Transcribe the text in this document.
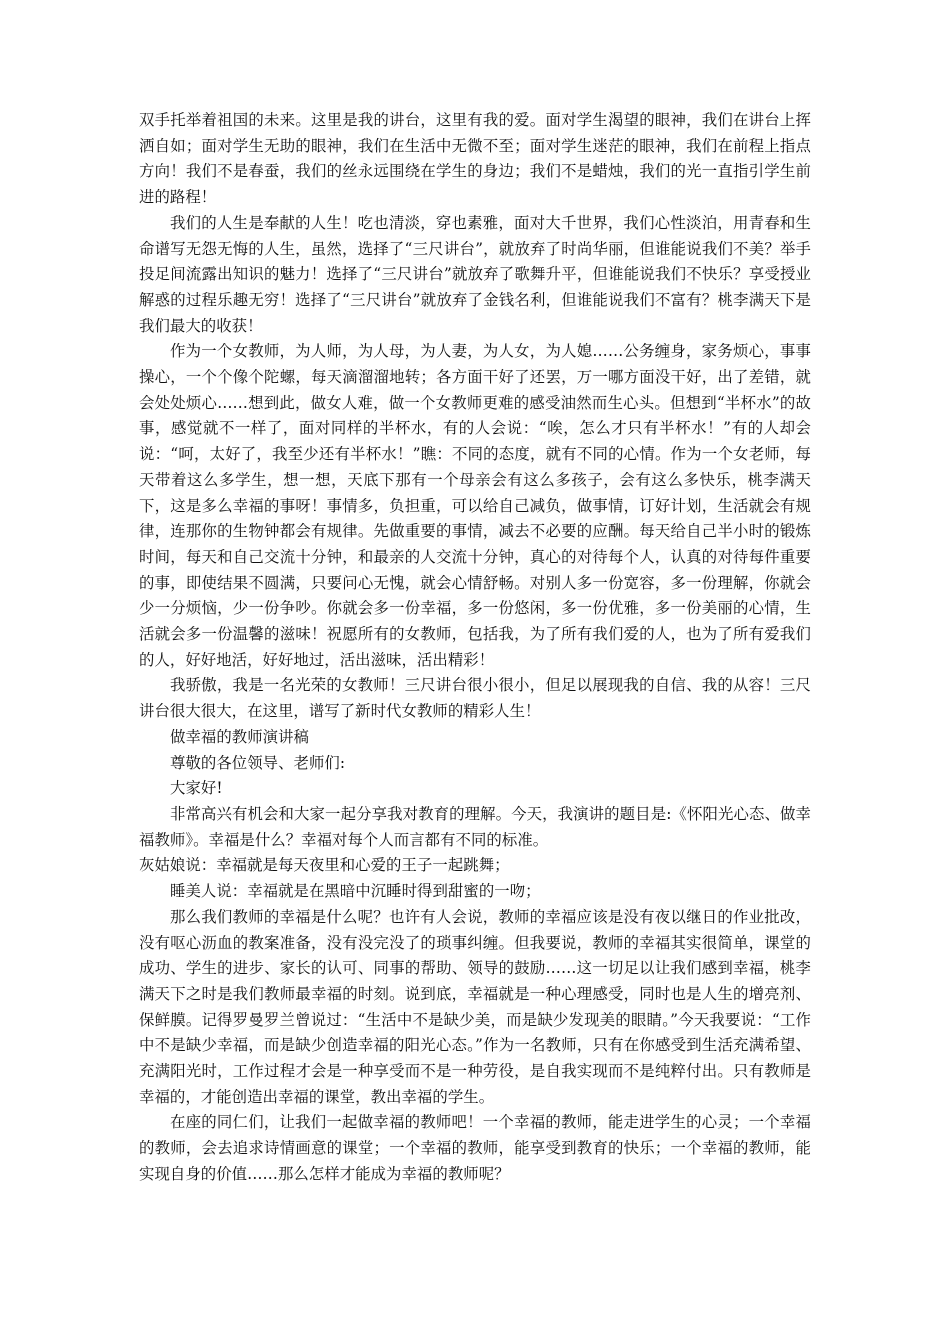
双手托举着祖国的未来。这里是我的讲台，这里有我的爱。面对学生渴望的眼神，我们在讲台上挥洒自如；面对学生无助的眼神，我们在生活中无微不至；面对学生迷茫的眼神，我们在前程上指点方向！我们不是春蚕，我们的丝永远围绕在学生的身边；我们不是蜡烛，我们的光一直指引学生前进的路程！

我们的人生是奉献的人生！吃也清淡，穿也素雅，面对大千世界，我们心性淡泊，用青春和生命谱写无怨无悔的人生，虽然，选择了“三尺讲台”，就放弃了时尚华丽，但谁能说我们不美？举手投足间流露出知识的魅力！选择了“三尺讲台”就放弃了歌舞升平，但谁能说我们不快乐？享受授业解惑的过程乐趣无穷！选择了“三尺讲台”就放弃了金钱名利，但谁能说我们不富有？桃李满天下是我们最大的收获！

作为一个女教师，为人师，为人母，为人妻，为人女，为人媳……公务缠身，家务烦心，事事操心，一个个像个陀螺，每天滴溜溜地转；各方面干好了还罢，万一哪方面没干好，出了差错，就会处处烦心……想到此，做女人难，做一个女教师更难的感受油然而生心头。但想到“半杯水”的故事，感觉就不一样了，面对同样的半杯水，有的人会说：“唉，怎么才只有半杯水！”有的人却会说：“呵，太好了，我至少还有半杯水！”瞧：不同的态度，就有不同的心情。作为一个女老师，每天带着这么多学生，想一想，天底下那有一个母亲会有这么多孩子，会有这么多快乐，桃李满天下，这是多么幸福的事呀！事情多，负担重，可以给自己减负，做事情，订好计划，生活就会有规律，连那你的生物钟都会有规律。先做重要的事情，减去不必要的应酬。每天给自己半小时的锻炼时间，每天和自己交流十分钟，和最亲的人交流十分钟，真心的对待每个人，认真的对待每件重要的事，即使结果不圆满，只要问心无愧，就会心情舒畅。对别人多一份宽容，多一份理解，你就会少一分烦恼，少一份争吵。你就会多一份幸福，多一份悠闲，多一份优雅，多一份美丽的心情，生活就会多一份温馨的滋味！祝愿所有的女教师，包括我，为了所有我们爱的人，也为了所有爱我们的人，好好地活，好好地过，活出滋味，活出精彩！

我骄傲，我是一名光荣的女教师！三尺讲台很小很小，但足以展现我的自信、我的从容！三尺讲台很大很大，在这里，谱写了新时代女教师的精彩人生！

做幸福的教师演讲稿

尊敬的各位领导、老师们:

大家好!

非常高兴有机会和大家一起分享我对教育的理解。今天，我演讲的题目是:《怀阳光心态、做幸福教师》。幸福是什么？幸福对每个人而言都有不同的标准。

灰姑娘说：幸福就是每天夜里和心爱的王子一起跳舞；

睡美人说：幸福就是在黑暗中沉睡时得到甜蜜的一吻；

那么我们教师的幸福是什么呢？也许有人会说，教师的幸福应该是没有夜以继日的作业批改，没有呕心沥血的教案准备，没有没完没了的琐事纠缠。但我要说，教师的幸福其实很简单，课堂的成功、学生的进步、家长的认可、同事的帮助、领导的鼓励……这一切足以让我们感到幸福，桃李满天下之时是我们教师最幸福的时刻。说到底，幸福就是一种心理感受，同时也是人生的增亮剂、保鲜膜。记得罗曼罗兰曾说过：“生活中不是缺少美，而是缺少发现美的眼睛。”今天我要说：“工作中不是缺少幸福，而是缺少创造幸福的阳光心态。”作为一名教师，只有在你感受到生活充满希望、充满阳光时，工作过程才会是一种享受而不是一种劳役，是自我实现而不是纯粹付出。只有教师是幸福的，才能创造出幸福的课堂，教出幸福的学生。

在座的同仁们，让我们一起做幸福的教师吧！一个幸福的教师，能走进学生的心灵；一个幸福的教师，会去追求诗情画意的课堂；一个幸福的教师，能享受到教育的快乐；一个幸福的教师，能实现自身的价值……那么怎样才能成为幸福的教师呢？
